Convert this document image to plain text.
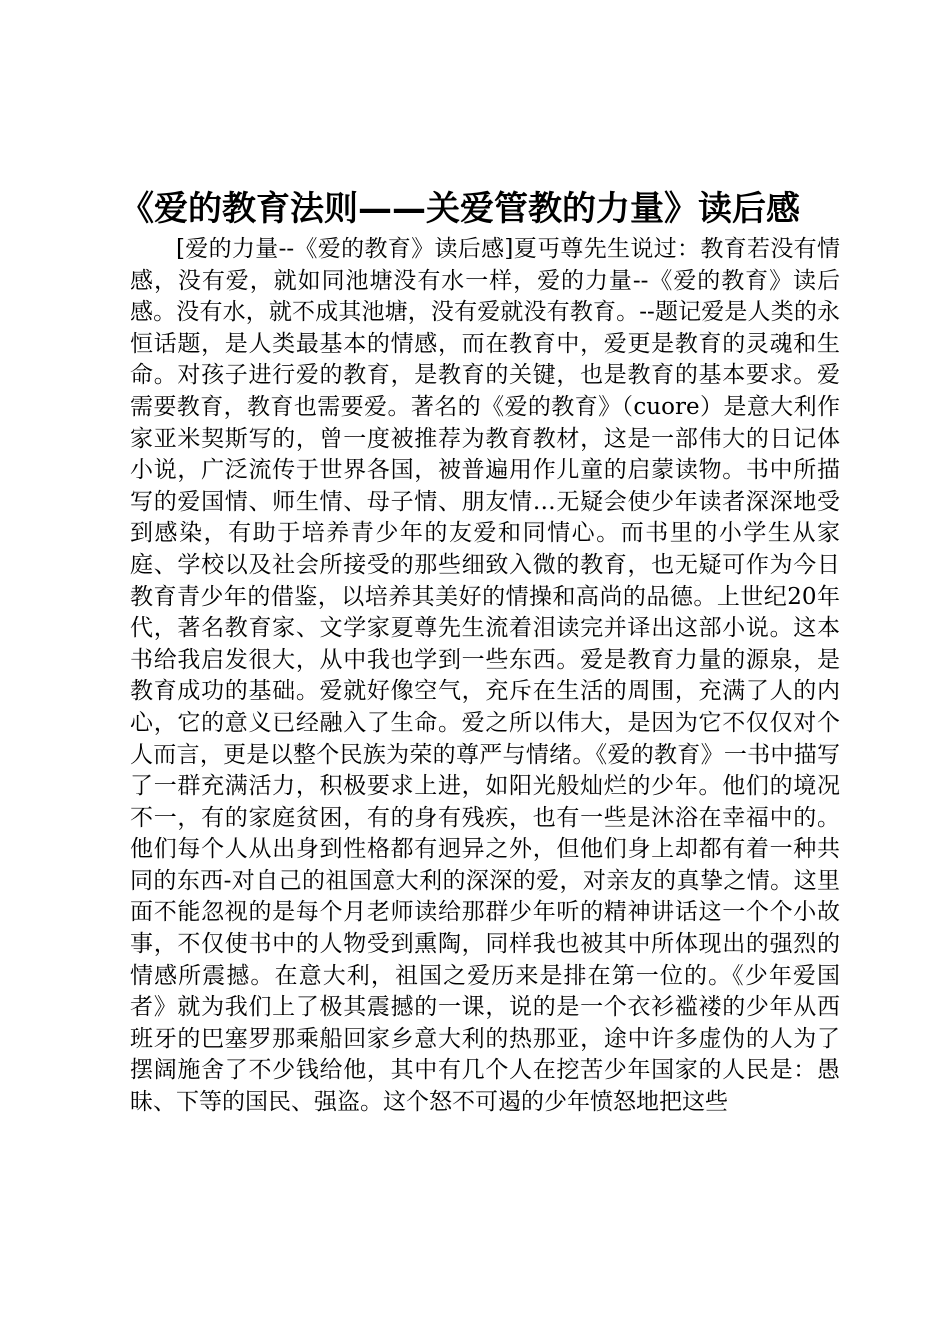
《爱的教育法则——关爱管教的力量》读后感

[爱的力量--《爱的教育》读后感]夏丏尊先生说过：教育若没有情感，没有爱，就如同池塘没有水一样，爱的力量--《爱的教育》读后感。没有水，就不成其池塘，没有爱就没有教育。--题记爱是人类的永恒话题，是人类最基本的情感，而在教育中，爱更是教育的灵魂和生命。对孩子进行爱的教育，是教育的关键，也是教育的基本要求。爱需要教育，教育也需要爱。著名的《爱的教育》（cuore）是意大利作家亚米契斯写的，曾一度被推荐为教育教材，这是一部伟大的日记体小说，广泛流传于世界各国，被普遍用作儿童的启蒙读物。书中所描写的爱国情、师生情、母子情、朋友情…无疑会使少年读者深深地受到感染，有助于培养青少年的友爱和同情心。而书里的小学生从家庭、学校以及社会所接受的那些细致入微的教育，也无疑可作为今日教育青少年的借鉴，以培养其美好的情操和高尚的品德。上世纪20年代，著名教育家、文学家夏尊先生流着泪读完并译出这部小说。这本书给我启发很大，从中我也学到一些东西。爱是教育力量的源泉，是教育成功的基础。爱就好像空气，充斥在生活的周围，充满了人的内心，它的意义已经融入了生命。爱之所以伟大，是因为它不仅仅对个人而言，更是以整个民族为荣的尊严与情绪。《爱的教育》一书中描写了一群充满活力，积极要求上进，如阳光般灿烂的少年。他们的境况不一，有的家庭贫困，有的身有残疾，也有一些是沐浴在幸福中的。他们每个人从出身到性格都有迥异之外，但他们身上却都有着一种共同的东西-对自己的祖国意大利的深深的爱，对亲友的真挚之情。这里面不能忽视的是每个月老师读给那群少年听的精神讲话这一个个小故事，不仅使书中的人物受到熏陶，同样我也被其中所体现出的强烈的情感所震撼。在意大利，祖国之爱历来是排在第一位的。《少年爱国者》就为我们上了极其震撼的一课，说的是一个衣衫褴褛的少年从西班牙的巴塞罗那乘船回家乡意大利的热那亚，途中许多虚伪的人为了摆阔施舍了不少钱给他，其中有几个人在挖苦少年国家的人民是：愚昧、下等的国民、强盗。这个怒不可遏的少年愤怒地把这些
